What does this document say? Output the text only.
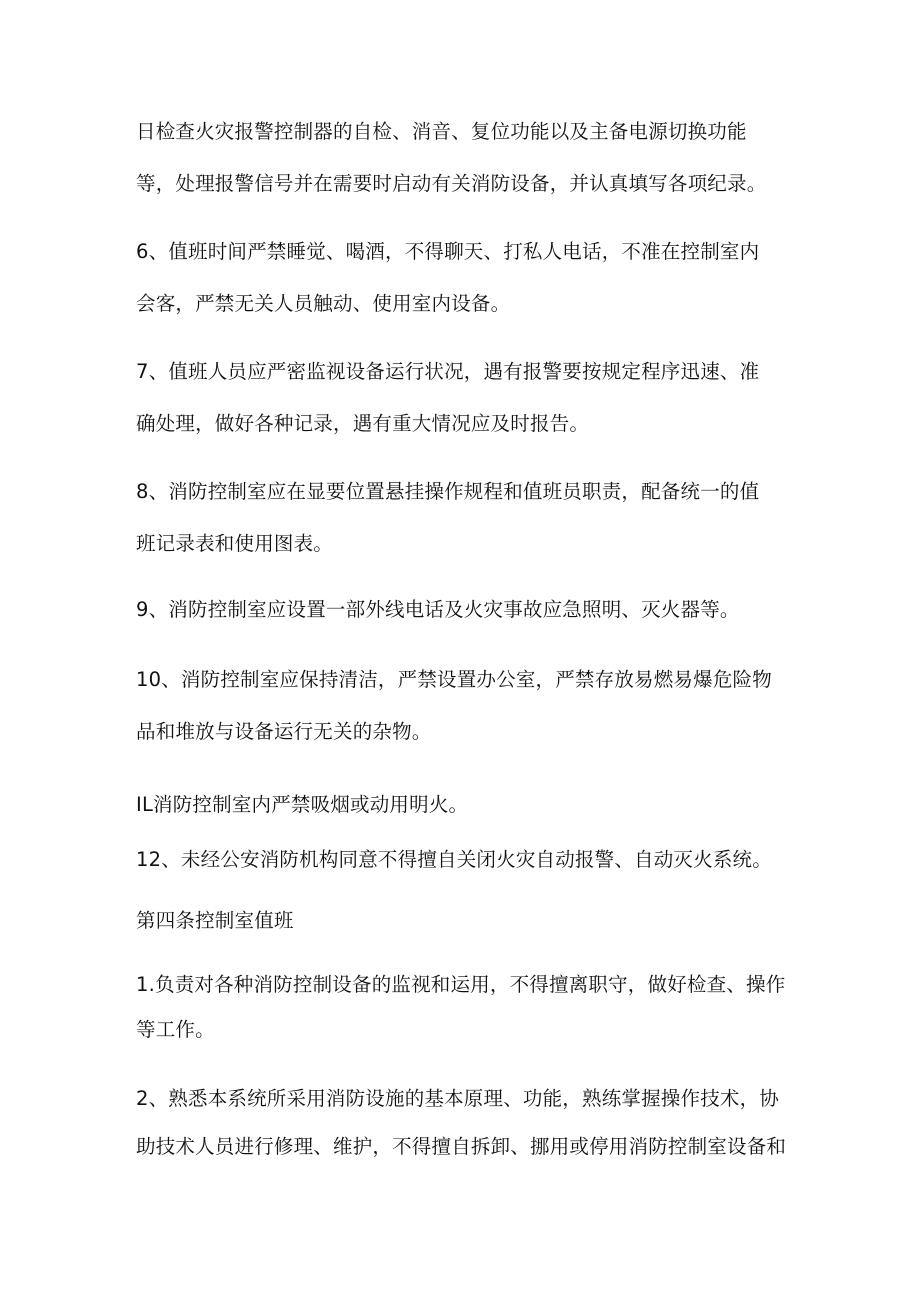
日检查火灾报警控制器的自检、消音、复位功能以及主备电源切换功能
等，处理报警信号并在需要时启动有关消防设备，并认真填写各项纪录。
6、值班时间严禁睡觉、喝酒，不得聊天、打私人电话，不准在控制室内
会客，严禁无关人员触动、使用室内设备。
7、值班人员应严密监视设备运行状况，遇有报警要按规定程序迅速、准
确处理，做好各种记录，遇有重大情况应及时报告。
8、消防控制室应在显要位置悬挂操作规程和值班员职责，配备统一的值
班记录表和使用图表。
9、消防控制室应设置一部外线电话及火灾事故应急照明、灭火器等。
10、消防控制室应保持清洁，严禁设置办公室，严禁存放易燃易爆危险物
品和堆放与设备运行无关的杂物。
IL消防控制室内严禁吸烟或动用明火。
12、未经公安消防机构同意不得擅自关闭火灾自动报警、自动灭火系统。
第四条控制室值班
1.负责对各种消防控制设备的监视和运用，不得擅离职守，做好检查、操作
等工作。
2、熟悉本系统所采用消防设施的基本原理、功能，熟练掌握操作技术，协
助技术人员进行修理、维护，不得擅自拆卸、挪用或停用消防控制室设备和
